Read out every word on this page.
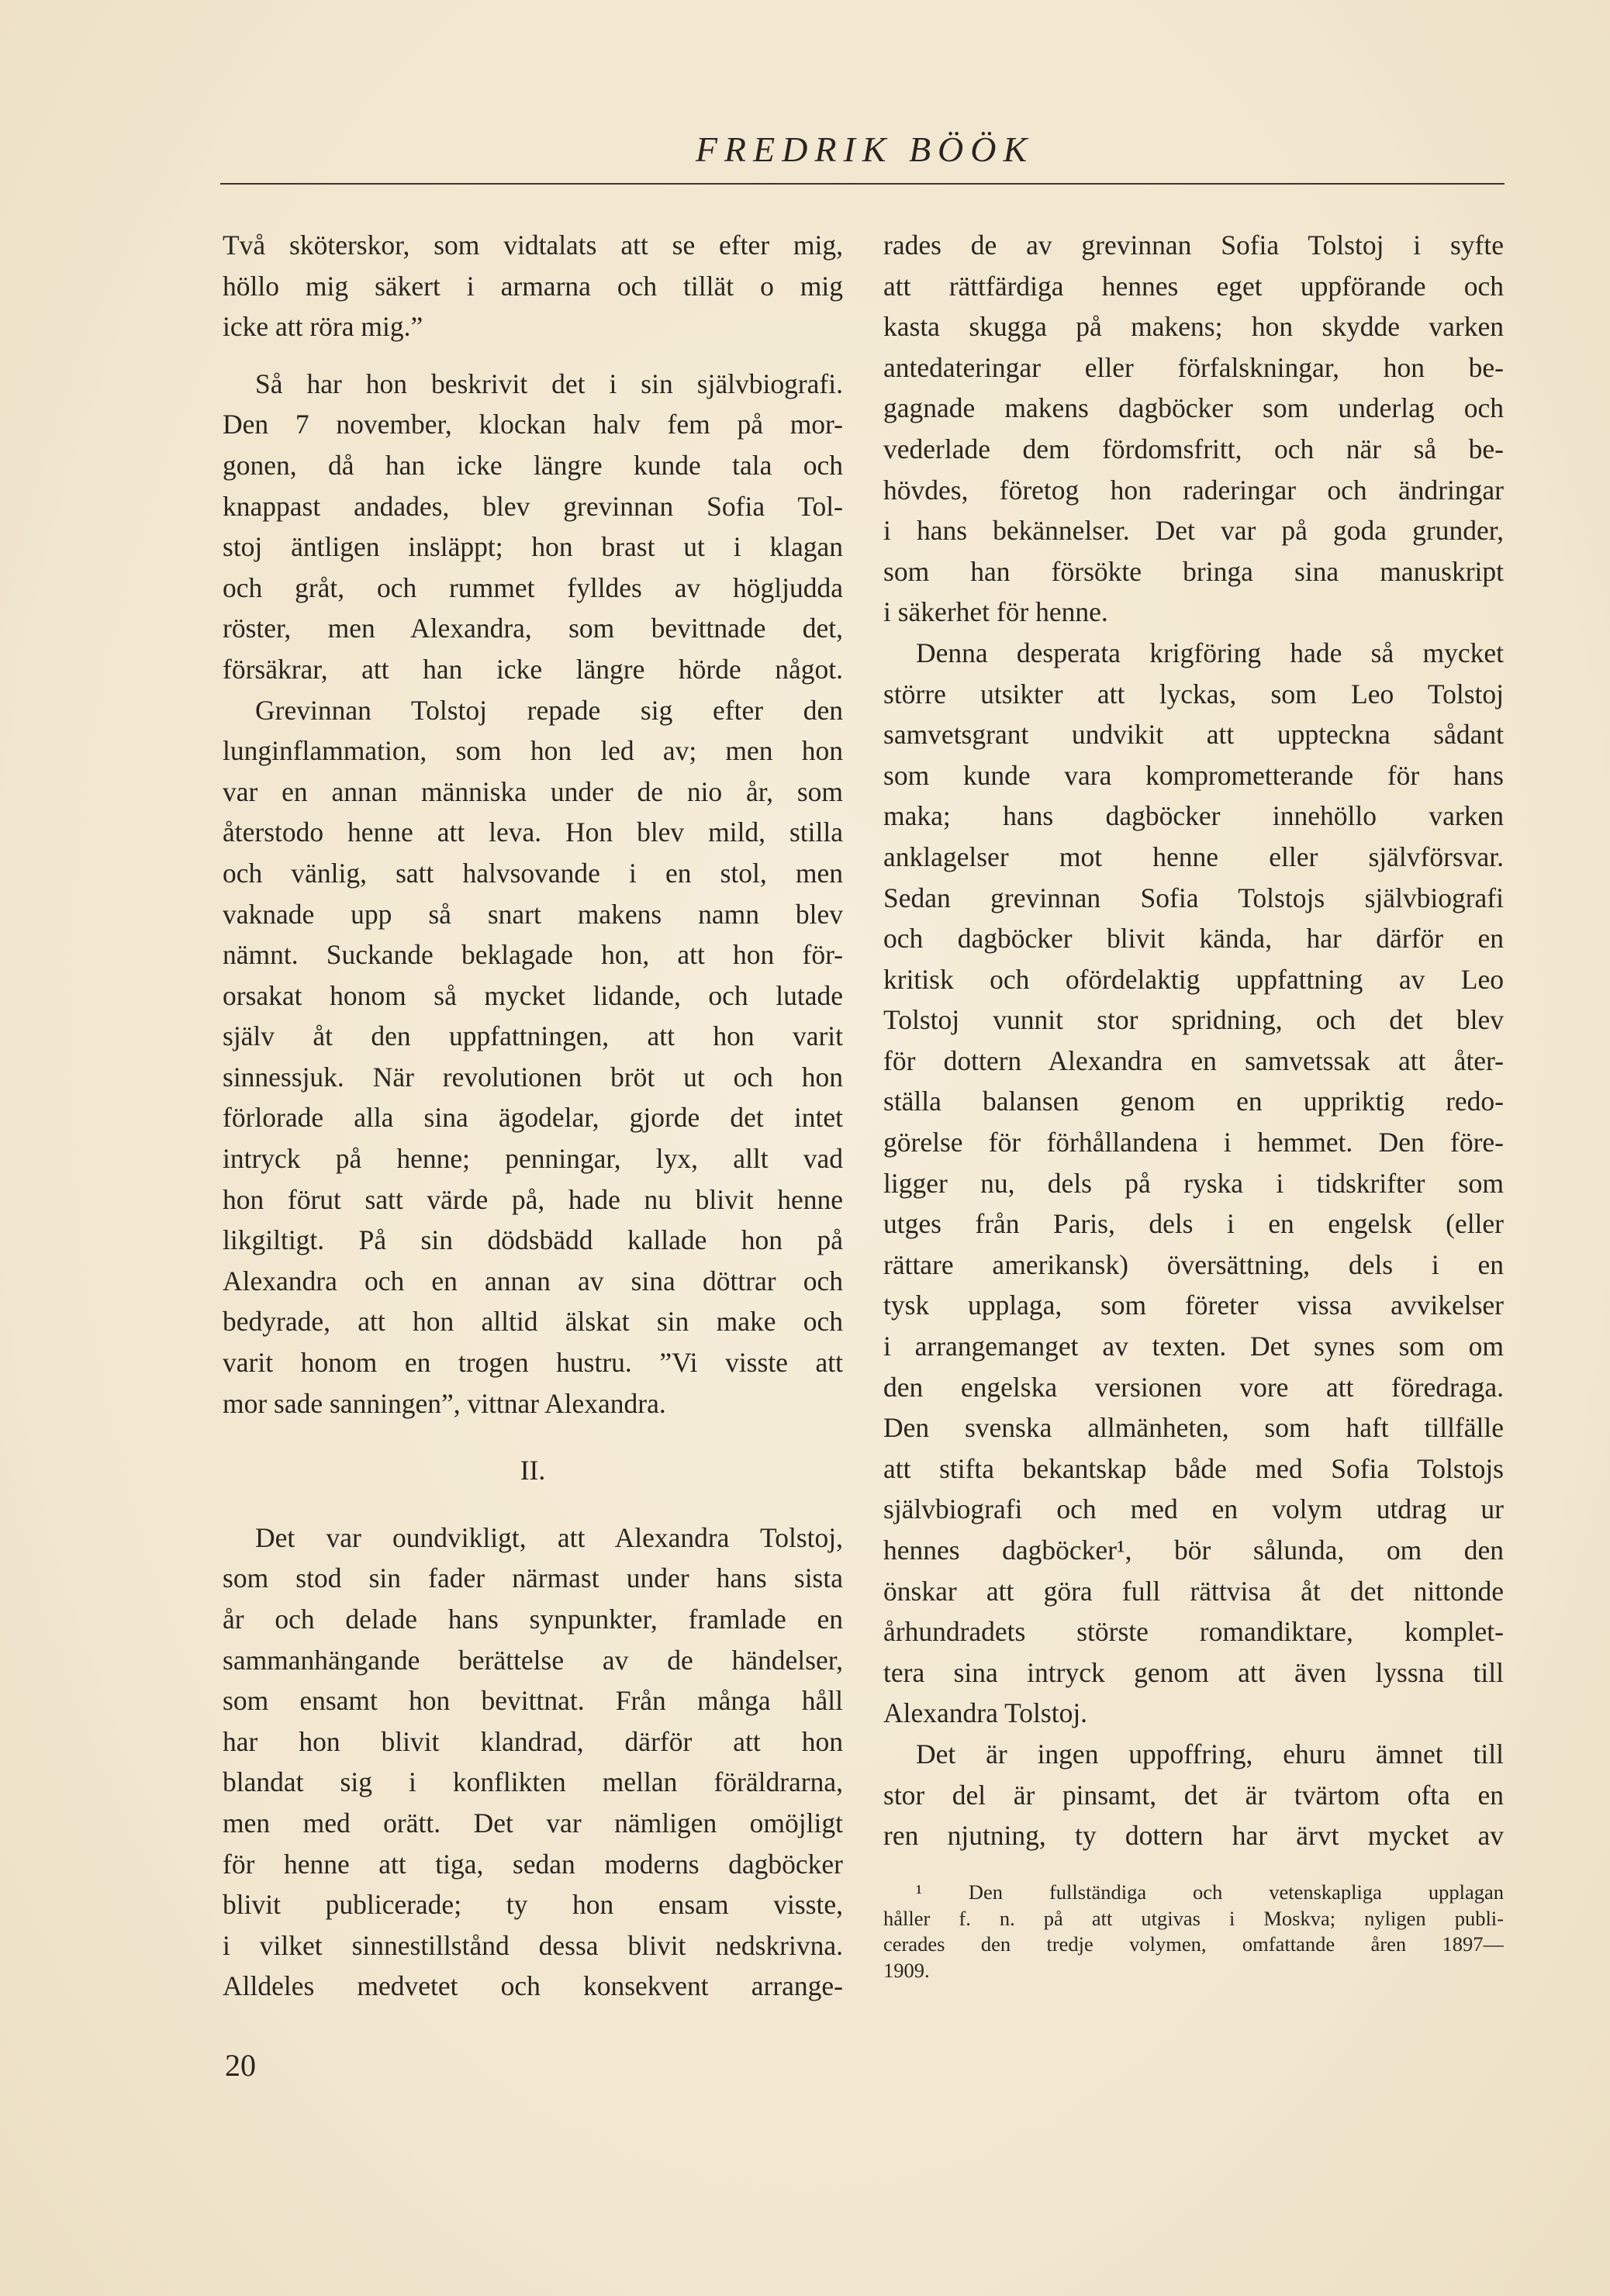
FREDRIK BÖÖK
Två sköterskor, som vidtalats att se efter mig,
höllo mig säkert i armarna och tillät o mig
icke att röra mig.”
Så har hon beskrivit det i sin självbiografi.
Den 7 november, klockan halv fem på mor-
gonen, då han icke längre kunde tala och
knappast andades, blev grevinnan Sofia Tol-
stoj äntligen insläppt; hon brast ut i klagan
och gråt, och rummet fylldes av högljudda
röster, men Alexandra, som bevittnade det,
försäkrar, att han icke längre hörde något.
Grevinnan Tolstoj repade sig efter den
lunginflammation, som hon led av; men hon
var en annan människa under de nio år, som
återstodo henne att leva. Hon blev mild, stilla
och vänlig, satt halvsovande i en stol, men
vaknade upp så snart makens namn blev
nämnt. Suckande beklagade hon, att hon för-
orsakat honom så mycket lidande, och lutade
själv åt den uppfattningen, att hon varit
sinnessjuk. När revolutionen bröt ut och hon
förlorade alla sina ägodelar, gjorde det intet
intryck på henne; penningar, lyx, allt vad
hon förut satt värde på, hade nu blivit henne
likgiltigt. På sin dödsbädd kallade hon på
Alexandra och en annan av sina döttrar och
bedyrade, att hon alltid älskat sin make och
varit honom en trogen hustru. ”Vi visste att
mor sade sanningen”, vittnar Alexandra.
II.
Det var oundvikligt, att Alexandra Tolstoj,
som stod sin fader närmast under hans sista
år och delade hans synpunkter, framlade en
sammanhängande berättelse av de händelser,
som ensamt hon bevittnat. Från många håll
har hon blivit klandrad, därför att hon
blandat sig i konflikten mellan föräldrarna,
men med orätt. Det var nämligen omöjligt
för henne att tiga, sedan moderns dagböcker
blivit publicerade; ty hon ensam visste,
i vilket sinnestillstånd dessa blivit nedskrivna.
Alldeles medvetet och konsekvent arrange-
rades de av grevinnan Sofia Tolstoj i syfte
att rättfärdiga hennes eget uppförande och
kasta skugga på makens; hon skydde varken
antedateringar eller förfalskningar, hon be-
gagnade makens dagböcker som underlag och
vederlade dem fördomsfritt, och när så be-
hövdes, företog hon raderingar och ändringar
i hans bekännelser. Det var på goda grunder,
som han försökte bringa sina manuskript
i säkerhet för henne.
Denna desperata krigföring hade så mycket
större utsikter att lyckas, som Leo Tolstoj
samvetsgrant undvikit att uppteckna sådant
som kunde vara komprometterande för hans
maka; hans dagböcker innehöllo varken
anklagelser mot henne eller självförsvar.
Sedan grevinnan Sofia Tolstojs självbiografi
och dagböcker blivit kända, har därför en
kritisk och ofördelaktig uppfattning av Leo
Tolstoj vunnit stor spridning, och det blev
för dottern Alexandra en samvetssak att åter-
ställa balansen genom en uppriktig redo-
görelse för förhållandena i hemmet. Den före-
ligger nu, dels på ryska i tidskrifter som
utges från Paris, dels i en engelsk (eller
rättare amerikansk) översättning, dels i en
tysk upplaga, som företer vissa avvikelser
i arrangemanget av texten. Det synes som om
den engelska versionen vore att föredraga.
Den svenska allmänheten, som haft tillfälle
att stifta bekantskap både med Sofia Tolstojs
självbiografi och med en volym utdrag ur
hennes dagböcker¹, bör sålunda, om den
önskar att göra full rättvisa åt det nittonde
århundradets störste romandiktare, komplet-
tera sina intryck genom att även lyssna till
Alexandra Tolstoj.
Det är ingen uppoffring, ehuru ämnet till
stor del är pinsamt, det är tvärtom ofta en
ren njutning, ty dottern har ärvt mycket av
¹ Den fullständiga och vetenskapliga upplagan
håller f. n. på att utgivas i Moskva; nyligen publi-
cerades den tredje volymen, omfattande åren 1897—
1909.
20
